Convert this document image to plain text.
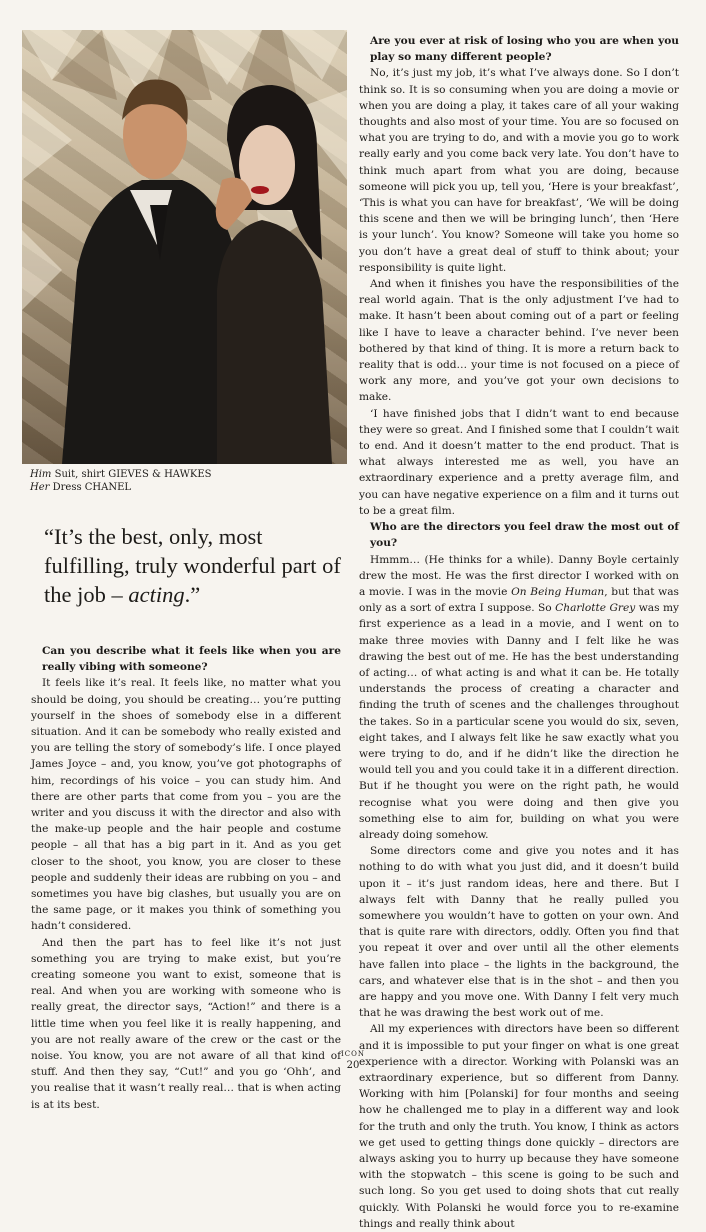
Him Suit, shirt GIEVES & HAWKES
Her Dress CHANEL
“It’s the best, only, most fulfilling, truly wonderful part of the job – acting.”

Can you describe what it feels like when you are really vibing with someone?

It feels like it’s real. It feels like, no matter what you should be doing, you should be creating… you’re putting yourself in the shoes of somebody else in a different situation. And it can be somebody who really existed and you are telling the story of somebody’s life. I once played James Joyce – and, you know, you’ve got photographs of him, recordings of his voice – you can study him. And there are other parts that come from you – you are the writer and you discuss it with the director and also with the make-up people and the hair people and costume people – all that has a big part in it. And as you get closer to the shoot, you know, you are closer to these people and suddenly their ideas are rubbing on you – and sometimes you have big clashes, but usually you are on the same page, or it makes you think of something you hadn’t considered.

And then the part has to feel like it’s not just something you are trying to make exist, but you’re creating someone you want to exist, someone that is real. And when you are working with someone who is really great, the director says, “Action!” and there is a little time when you feel like it is really happening, and you are not really aware of the crew or the cast or the noise. You know, you are not aware of all that kind of stuff. And then they say, “Cut!” and you go ‘Ohh’, and you realise that it wasn’t really real… that is when acting is at its best.

Are you ever at risk of losing who you are when you play so many different people?

No, it’s just my job, it’s what I’ve always done. So I don’t think so. It is so consuming when you are doing a movie or when you are doing a play, it takes care of all your waking thoughts and also most of your time. You are so focused on what you are trying to do, and with a movie you go to work really early and you come back very late. You don’t have to think much apart from what you are doing, because someone will pick you up, tell you, ‘Here is your breakfast’, ‘This is what you can have for breakfast’, ‘We will be doing this scene and then we will be bringing lunch’, then ‘Here is your lunch’. You know? Someone will take you home so you don’t have a great deal of stuff to think about; your responsibility is quite light.

And when it finishes you have the responsibilities of the real world again. That is the only adjustment I’ve had to make. It hasn’t been about coming out of a part or feeling like I have to leave a character behind. I’ve never been bothered by that kind of thing. It is more a return back to reality that is odd… your time is not focused on a piece of work any more, and you’ve got your own decisions to make.

‘I have finished jobs that I didn’t want to end because they were so great. And I finished some that I couldn’t wait to end. And it doesn’t matter to the end product. That is what always interested me as well, you have an extraordinary experience and a pretty average film, and you can have negative experience on a film and it turns out to be a great film.

Who are the directors you feel draw the most out of you?

Hmmm… (He thinks for a while). Danny Boyle certainly drew the most. He was the first director I worked with on a movie. I was in the movie On Being Human, but that was only as a sort of extra I suppose. So Charlotte Grey was my first experience as a lead in a movie, and I went on to make three movies with Danny and I felt like he was drawing the best out of me. He has the best understanding of acting… of what acting is and what it can be. He totally understands the process of creating a character and finding the truth of scenes and the challenges throughout the takes. So in a particular scene you would do six, seven, eight takes, and I always felt like he saw exactly what you were trying to do, and if he didn’t like the direction he would tell you and you could take it in a different direction. But if he thought you were on the right path, he would recognise what you were doing and then give you something else to aim for, building on what you were already doing somehow.

Some directors come and give you notes and it has nothing to do with what you just did, and it doesn’t build upon it – it’s just random ideas, here and there. But I always felt with Danny that he really pulled you somewhere you wouldn’t have to gotten on your own. And that is quite rare with directors, oddly. Often you find that you repeat it over and over until all the other elements have fallen into place – the lights in the background, the cars, and whatever else that is in the shot – and then you are happy and you move one. With Danny I felt very much that he was drawing the best work out of me.

All my experiences with directors have been so different and it is impossible to put your finger on what is one great experience with a director. Working with Polanski was an extraordinary experience, but so different from Danny. Working with him [Polanski] for four months and seeing how he challenged me to play in a different way and look for the truth and only the truth. You know, I think as actors we get used to getting things done quickly – directors are always asking you to hurry up because they have someone with the stopwatch – this scene is going to be such and such long. So you get used to doing shots that cut really quickly. With Polanski he would force you to re-examine things and really think about

ICON
20
